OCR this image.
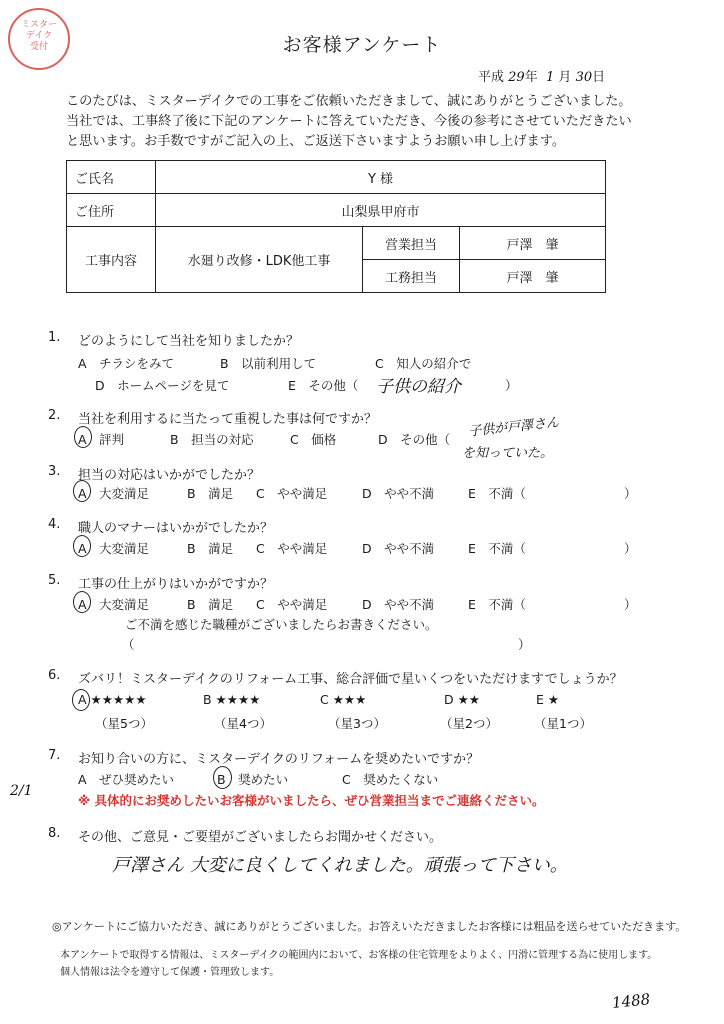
ミスター
デイク
受付	お客様アンケート
平成 29年 1 月 30日
このたびは、ミスターデイクでの工事をご依頼いただきまして、誠にありがとうございました。
当社では、工事終了後に下記のアンケートに答えていただき、今後の参考にさせていただきたい
と思います。お手数ですがご記入の上、ご返送下さいますようお願い申し上げます。
ご氏名	Y 様		
ご住所	山梨県甲府市		
工事内容	水廻り改修・LDK他工事	営業担当	戸澤　肇
		工務担当	戸澤　肇
1. どのようにして当社を知りましたか？
A　チラシをみて	B　以前利用して	C　知人の紹介で
D　ホームページを見て	E　その他（ 子供の紹介	）
2. 当社を利用するに当たって重視した事は何ですか？
A　評判	B　担当の対応	C　価格	D　その他（ 子供が戸澤さん
を知っていた。
3. 担当の対応はいかがでしたか？
A　大変満足	B　満足 C　やや満足	D　やや不満	E　不満（	）
4. 職人のマナーはいかがでしたか？
A　大変満足	B　満足 C　やや満足	D　やや不満	E　不満（	）
5. 工事の仕上がりはいかがですか？
A　大変満足	B　満足 C　やや満足	D　やや不満	E　不満（	）
ご不満を感じた職種がございましたらお書きください。
（	）
6. ズバリ！ミスターデイクのリフォーム工事、総合評価で星いくつをいただけますでしょうか？
A ★★★★★	B ★★★★	C ★★★	D ★★	E ★
（星5つ）	（星4つ）	（星3つ）	（星2つ）	（星1つ）
7. お知り合いの方に、ミスターデイクのリフォームを奨めたいですか？
A　ぜひ奨めたい	B　奨めたい	C　奨めたくない
※ 具体的にお奨めしたいお客様がいましたら、ぜひ営業担当までご連絡ください。
2/1
8. その他、ご意見・ご要望がございましたらお聞かせください。
戸澤さん 大変に良くしてくれました。頑張って下さい。
◎アンケートにご協力いただき、誠にありがとうございました。お答えいただきましたお客様には粗品を送らせていただきます。
本アンケートで取得する情報は、ミスターデイクの範囲内において、お客様の住宅管理をよりよく、円滑に管理する為に使用します。
個人情報は法令を遵守して保護・管理致します。
1488
